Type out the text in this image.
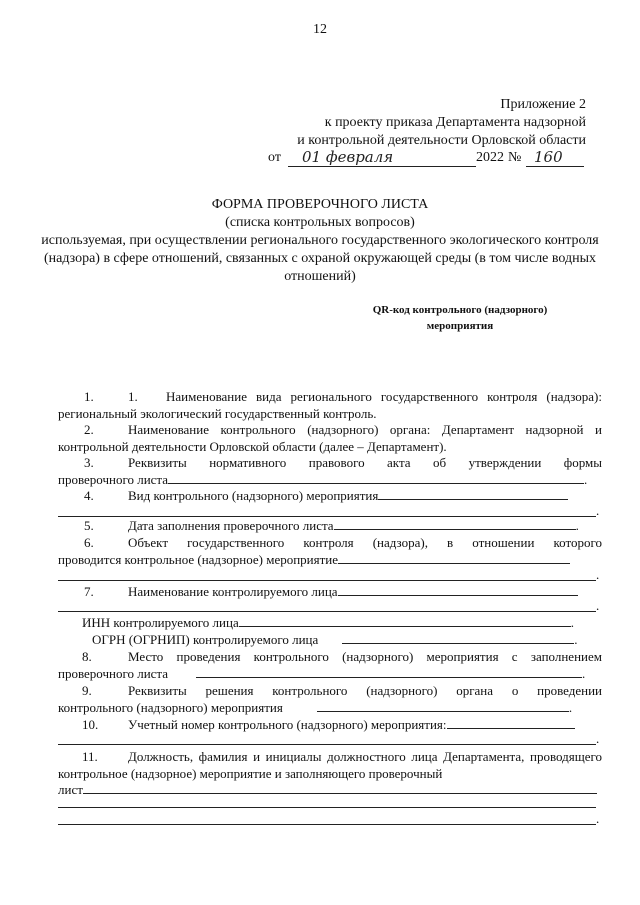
12
Приложение 2
к проекту приказа Департамента надзорной
и контрольной деятельности Орловской области
от 01 февраля	2022 № 160
ФОРМА ПРОВЕРОЧНОГО ЛИСТА
(списка контрольных вопросов)
используемая, при осуществлении регионального государственного экологического контроля (надзора) в сфере отношений, связанных с охраной окружающей среды (в том числе водных отношений)
QR-код контрольного (надзорного)
мероприятия
1.	1. Наименование вида регионального государственного контроля (надзора): региональный экологический государственный контроль.
2.	Наименование контрольного (надзорного) органа: Департамент надзорной и контрольной деятельности Орловской области (далее – Департамент).
3.	Реквизиты нормативного правового акта об утверждении формы
проверочного листа	.
4.	Вид контрольного (надзорного) мероприятия
.
5.	Дата заполнения проверочного листа	.
6.	Объект государственного контроля (надзора), в отношении которого
проводится контрольное (надзорное) мероприятие
.
7.	Наименование контролируемого лица
.
ИНН контролируемого лица	.
ОГРН (ОГРНИП) контролируемого лица	.
8.	Место проведения контрольного (надзорного) мероприятия с заполнением
проверочного листа	.
9.	Реквизиты решения контрольного (надзорного) органа о проведении
контрольного (надзорного) мероприятия	.
10. Учетный номер контрольного (надзорного) мероприятия:
.
11. Должность, фамилия и инициалы должностного лица Департамента, проводящего контрольное (надзорное) мероприятие и заполняющего проверочный
лист
.
